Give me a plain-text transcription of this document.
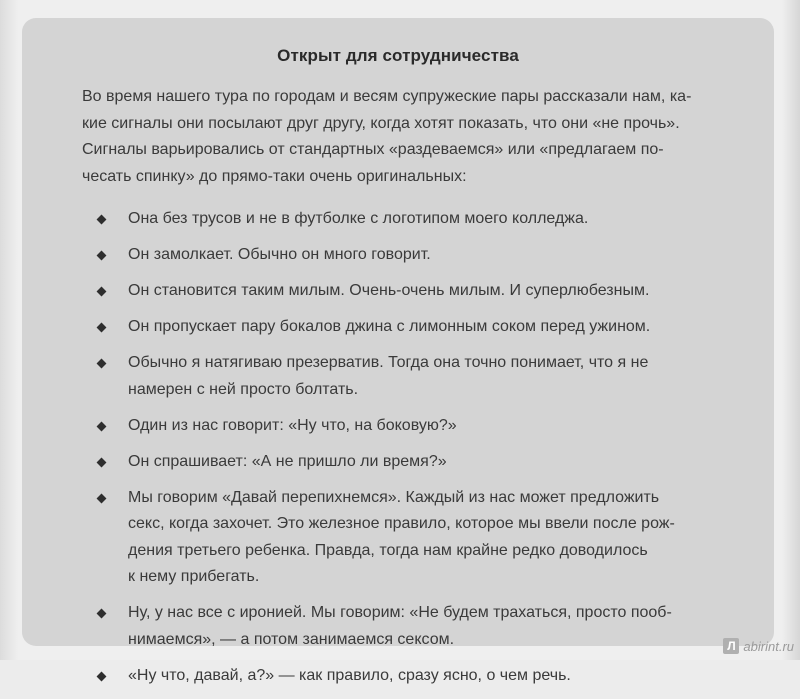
Открыт для сотрудничества
Во время нашего тура по городам и весям супружеские пары рассказали нам, ка-
кие сигналы они посылают друг другу, когда хотят показать, что они «не прочь».
Сигналы варьировались от стандартных «раздеваемся» или «предлагаем по-
чесать спинку» до прямо-таки очень оригинальных:
Она без трусов и не в футболке с логотипом моего колледжа.
Он замолкает. Обычно он много говорит.
Он становится таким милым. Очень-очень милым. И суперлюбезным.
Он пропускает пару бокалов джина с лимонным соком перед ужином.
Обычно я натягиваю презерватив. Тогда она точно понимает, что я не
намерен с ней просто болтать.
Один из нас говорит: «Ну что, на боковую?»
Он спрашивает: «А не пришло ли время?»
Мы говорим «Давай перепихнемся». Каждый из нас может предложить
секс, когда захочет. Это железное правило, которое мы ввели после рож-
дения третьего ребенка. Правда, тогда нам крайне редко доводилось
к нему прибегать.
Ну, у нас все с иронией. Мы говорим: «Не будем трахаться, просто пооб-
нимаемся», — а потом занимаемся сексом.
«Ну что, давай, а?» — как правило, сразу ясно, о чем речь.
Л abirint.ru
